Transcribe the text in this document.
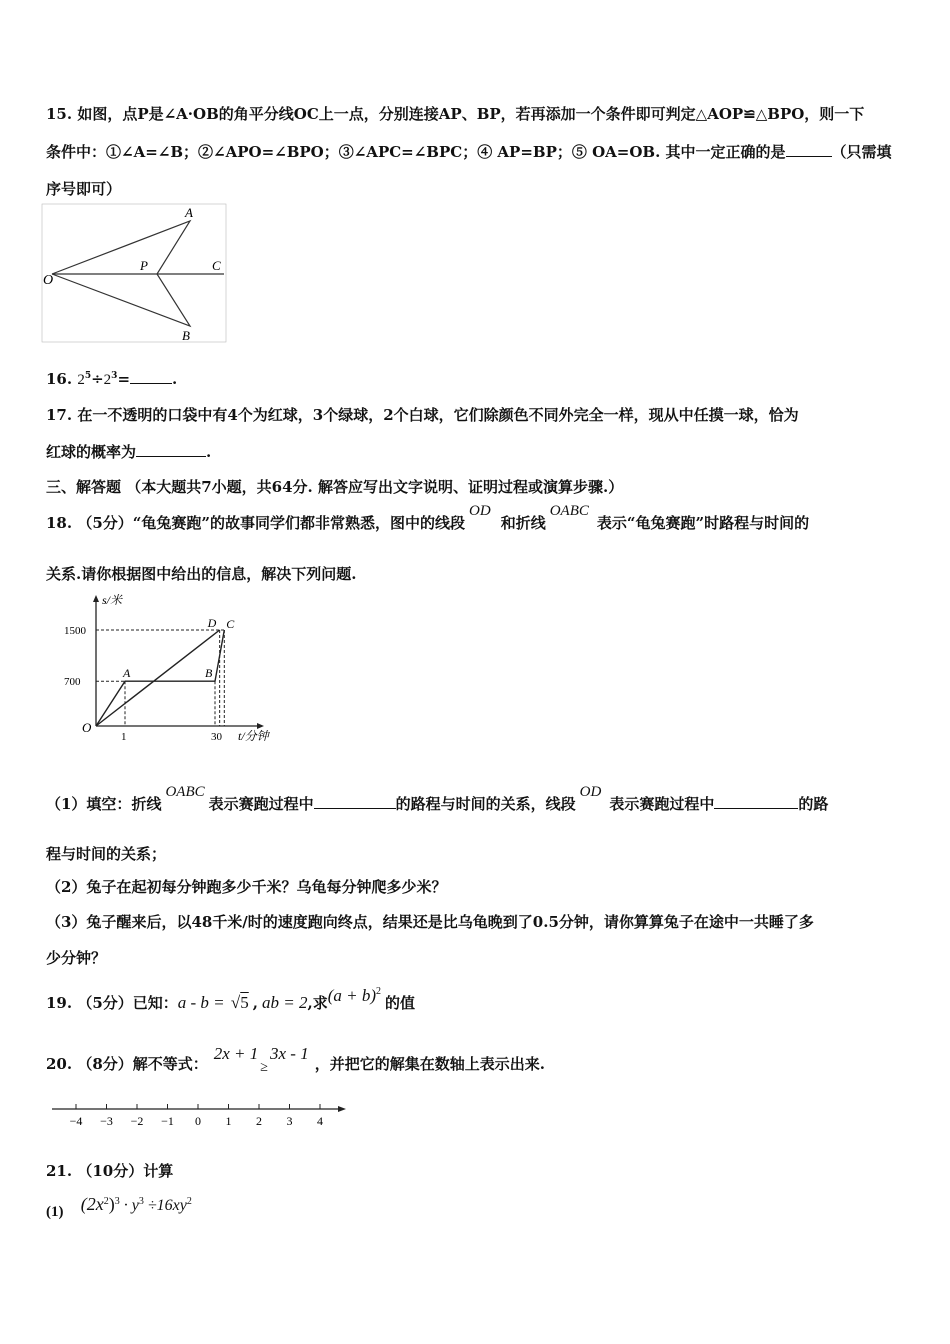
15. 如图，点P是∠A·OB的角平分线OC上一点，分别连接AP、BP，若再添加一个条件即可判定△AOP≌△BPO，则一下
条件中：①∠A=∠B；②∠APO=∠BPO；③∠APC=∠BPC；④ AP=BP；⑤ OA=OB. 其中一定正确的是	（只需填
序号即可）
A
O
P	C
B
16. $2^5\div 2^3=$	.
17. 在一不透明的口袋中有4个为红球，3个绿球，2个白球，它们除颜色不同外完全一样，现从中任摸一球，恰为
红球的概率为	.
三、解答题 （本大题共7小题，共64分. 解答应写出文字说明、证明过程或演算步骤.）
18. （5分）“龟兔赛跑”的故事同学们都非常熟悉，图中的线段OD和折线OABC表示“龟兔赛跑”时路程与时间的
关系.请你根据图中给出的信息，解决下列问题.
s/米
t/分钟
O
1	30
700
1500
A	B
C
D
（1）填空：折线OABC表示赛跑过程中	的路程与时间的关系，线段OD表示赛跑过程中	的路
程与时间的关系；
（2）兔子在起初每分钟跑多少千米？乌龟每分钟爬多少米？
（3）兔子醒来后，以48千米/时的速度跑向终点，结果还是比乌龟晚到了0.5分钟，请你算算兔子在途中一共睡了多
少分钟？
19. （5分）已知：a - b = √5 , ab = 2,求$(a + b)^2$的值
20. （8分）解不等式：2x + 1≥3x - 1，并把它的解集在数轴上表示出来.
−4 −3 −2 −1 0 1 2 3 4
21. （10分）计算
(1) $(2x^2)^3 \cdot y^3 \div 16xy^2$
